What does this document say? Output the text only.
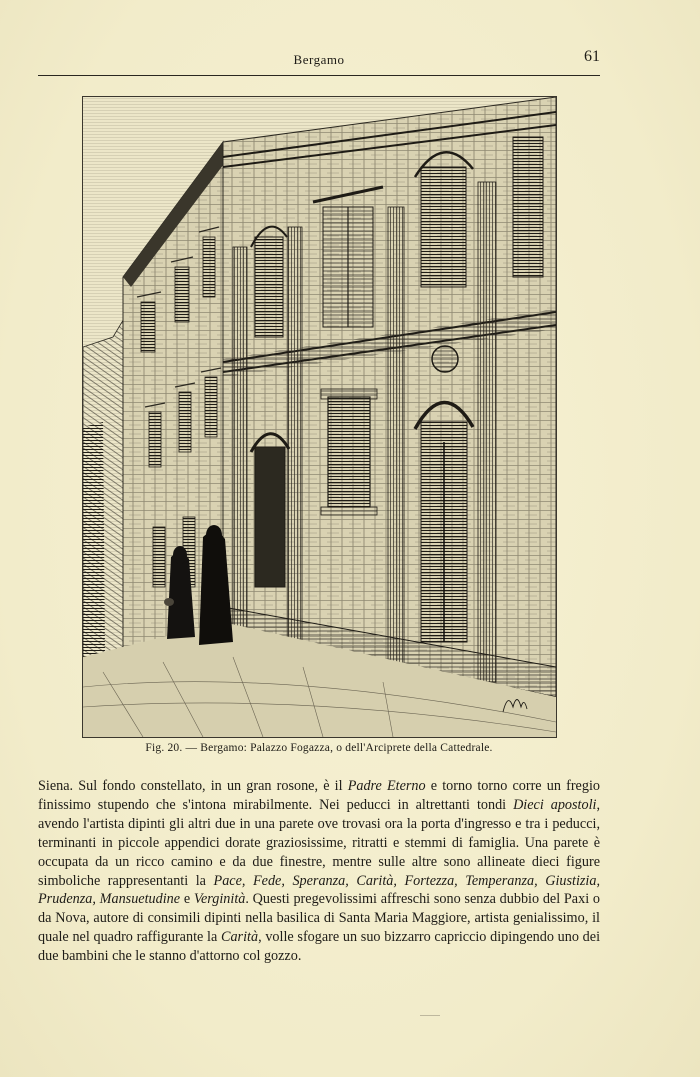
Bergamo	61
Fig. 20. — Bergamo: Palazzo Fogazza, o dell'Arciprete della Cattedrale.

Siena. Sul fondo constellato, in un gran rosone, è il Padre Eterno e torno torno corre un fregio finissimo stupendo che s'intona mirabilmente. Nei peducci in altrettanti tondi Dieci apostoli, avendo l'artista dipinti gli altri due in una parete ove trovasi ora la porta d'ingresso e tra i peducci, terminanti in piccole appendici dorate graziosissime, ritratti e stemmi di famiglia. Una parete è occupata da un ricco camino e da due finestre, mentre sulle altre sono allineate dieci figure simboliche rappresentanti la Pace, Fede, Speranza, Carità, Fortezza, Temperanza, Giustizia, Prudenza, Mansuetudine e Verginità. Questi pregevolissimi affreschi sono senza dubbio del Paxi o da Nova, autore di consimili dipinti nella basilica di Santa Maria Maggiore, artista genialissimo, il quale nel quadro raffigurante la Carità, volle sfogare un suo bizzarro capriccio dipingendo uno dei due bambini che le stanno d'attorno col gozzo.
